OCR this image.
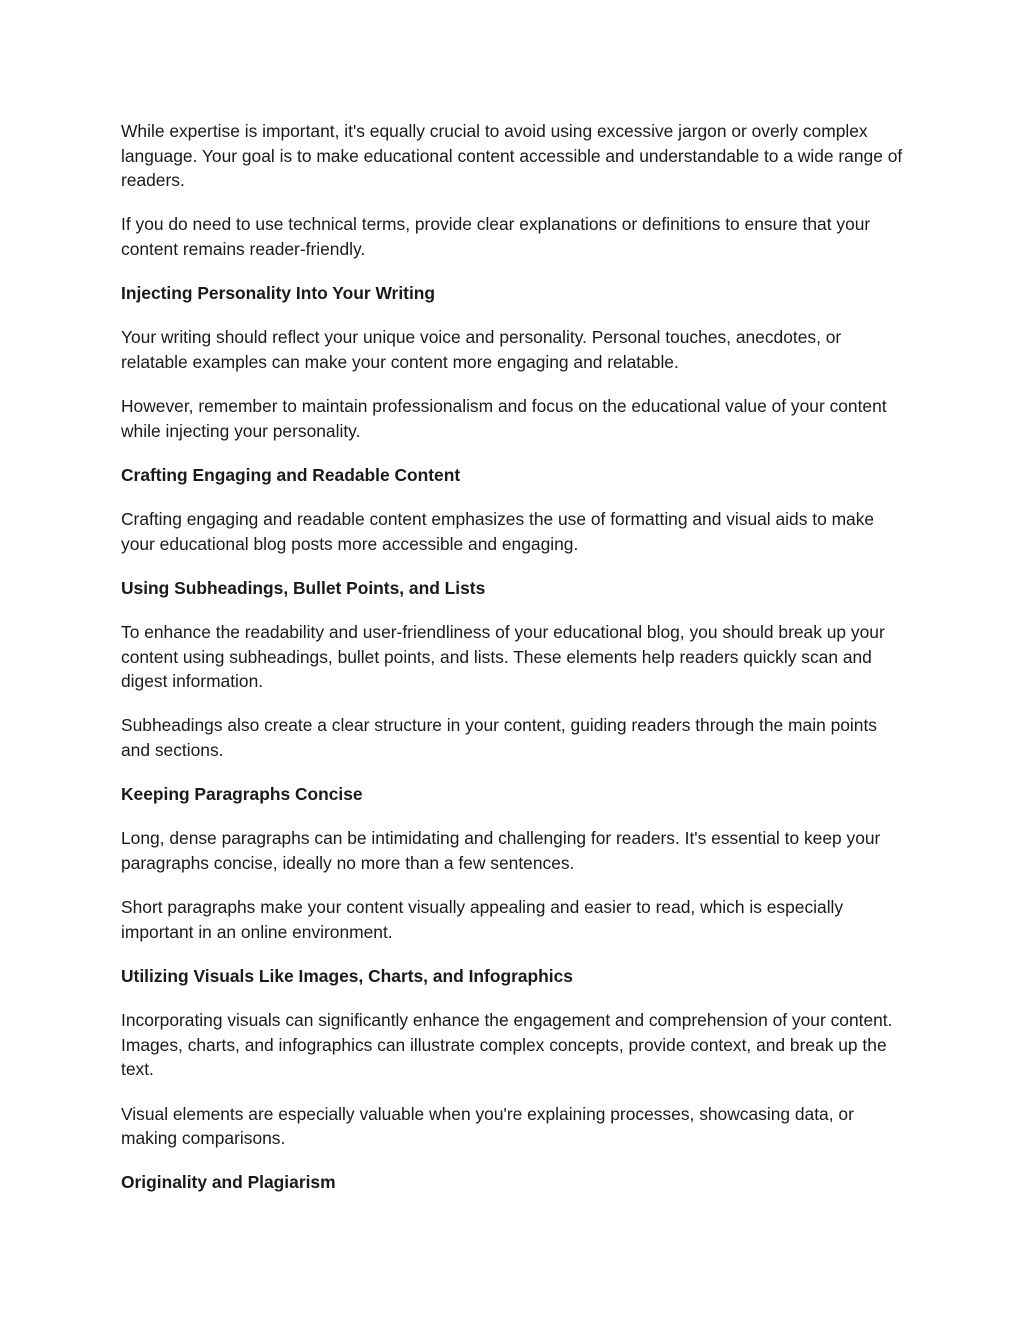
While expertise is important, it's equally crucial to avoid using excessive jargon or overly complex language. Your goal is to make educational content accessible and understandable to a wide range of readers.

If you do need to use technical terms, provide clear explanations or definitions to ensure that your content remains reader-friendly.

Injecting Personality Into Your Writing

Your writing should reflect your unique voice and personality. Personal touches, anecdotes, or relatable examples can make your content more engaging and relatable.

However, remember to maintain professionalism and focus on the educational value of your content while injecting your personality.

Crafting Engaging and Readable Content

Crafting engaging and readable content emphasizes the use of formatting and visual aids to make your educational blog posts more accessible and engaging.

Using Subheadings, Bullet Points, and Lists

To enhance the readability and user-friendliness of your educational blog, you should break up your content using subheadings, bullet points, and lists. These elements help readers quickly scan and digest information.

Subheadings also create a clear structure in your content, guiding readers through the main points and sections.

Keeping Paragraphs Concise

Long, dense paragraphs can be intimidating and challenging for readers. It's essential to keep your paragraphs concise, ideally no more than a few sentences.

Short paragraphs make your content visually appealing and easier to read, which is especially important in an online environment.

Utilizing Visuals Like Images, Charts, and Infographics

Incorporating visuals can significantly enhance the engagement and comprehension of your content. Images, charts, and infographics can illustrate complex concepts, provide context, and break up the text.

Visual elements are especially valuable when you're explaining processes, showcasing data, or making comparisons.

Originality and Plagiarism
